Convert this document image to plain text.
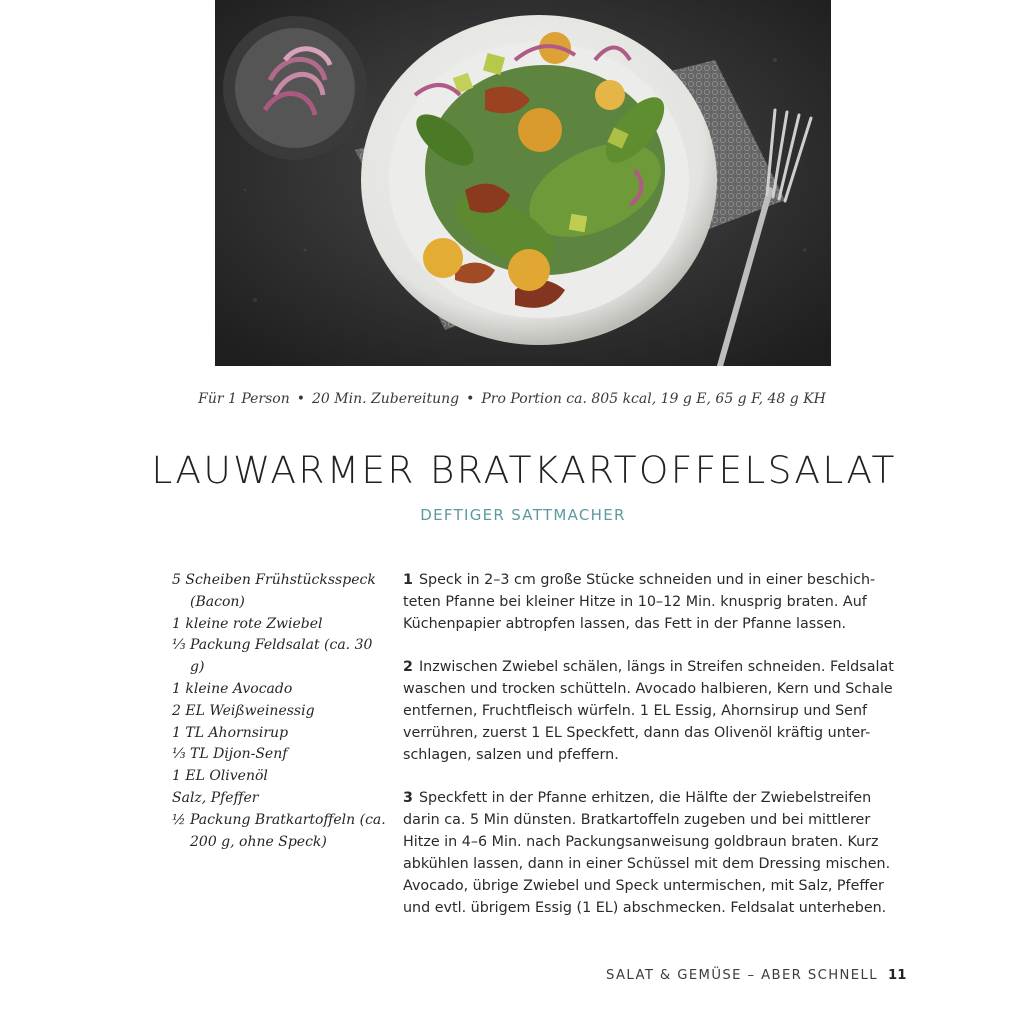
Für 1 Person • 20 Min. Zubereitung • Pro Portion ca. 805 kcal, 19 g E, 65 g F, 48 g KH
LAUWARMER BRATKARTOFFELSALAT
DEFTIGER SATTMACHER
5 Scheiben Frühstücksspeck (Bacon)
1 kleine rote Zwiebel
⅓ Packung Feldsalat (ca. 30 g)
1 kleine Avocado
2 EL Weißweinessig
1 TL Ahornsirup
⅓ TL Dijon-Senf
1 EL Olivenöl
Salz, Pfeffer
½ Packung Bratkartoffeln (ca. 200 g, ohne Speck)
1 Speck in 2–3 cm große Stücke schneiden und in einer beschich-
teten Pfanne bei kleiner Hitze in 10–12 Min. knusprig braten. Auf
Küchenpapier abtropfen lassen, das Fett in der Pfanne lassen.
2 Inzwischen Zwiebel schälen, längs in Streifen schneiden. Feldsalat
waschen und trocken schütteln. Avocado halbieren, Kern und Schale
entfernen, Fruchtfleisch würfeln. 1 EL Essig, Ahornsirup und Senf
verrühren, zuerst 1 EL Speckfett, dann das Olivenöl kräftig unter-
schlagen, salzen und pfeffern.
3 Speckfett in der Pfanne erhitzen, die Hälfte der Zwiebelstreifen
darin ca. 5 Min dünsten. Bratkartoffeln zugeben und bei mittlerer
Hitze in 4–6 Min. nach Packungsanweisung goldbraun braten. Kurz
abkühlen lassen, dann in einer Schüssel mit dem Dressing mischen.
Avocado, übrige Zwiebel und Speck untermischen, mit Salz, Pfeffer
und evtl. übrigem Essig (1 EL) abschmecken. Feldsalat unterheben.
SALAT & GEMÜSE – ABER SCHNELL 11
